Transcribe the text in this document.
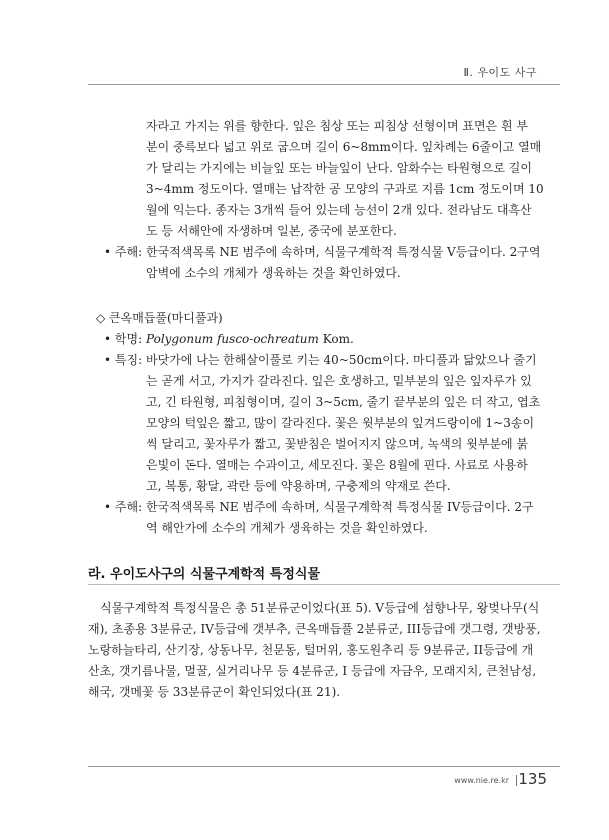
Ⅱ. 우이도 사구
자라고 가지는 위를 향한다. 잎은 침상 또는 피침상 선형이며 표면은 흰 부
분이 중륵보다 넓고 위로 굽으며 길이 6~8mm이다. 잎차례는 6줄이고 열매
가 달리는 가지에는 비늘잎 또는 바늘잎이 난다. 암화수는 타원형으로 길이
3~4mm 정도이다. 열매는 납작한 공 모양의 구과로 지름 1cm 정도이며 10
월에 익는다. 종자는 3개씩 들어 있는데 능선이 2개 있다. 전라남도 대흑산
도 등 서해안에 자생하며 일본, 중국에 분포한다.
• 주해: 한국적색목록 NE 범주에 속하며, 식물구계학적 특정식물 V등급이다. 2구역
암벽에 소수의 개체가 생육하는 것을 확인하였다.
◇ 큰옥매듭풀(마디풀과)
• 학명: Polygonum fusco-ochreatum Kom.
• 특징: 바닷가에 나는 한해살이풀로 키는 40~50cm이다. 마디풀과 닮았으나 줄기
는 곧게 서고, 가지가 갈라진다. 잎은 호생하고, 밑부분의 잎은 잎자루가 있
고, 긴 타원형, 피침형이며, 길이 3~5cm, 줄기 끝부분의 잎은 더 작고, 엽초
모양의 턱잎은 짧고, 많이 갈라진다. 꽃은 윗부분의 잎겨드랑이에 1~3송이
씩 달리고, 꽃자루가 짧고, 꽃받침은 벌어지지 않으며, 녹색의 윗부분에 붉
은빛이 돈다. 열매는 수과이고, 세모진다. 꽃은 8월에 핀다. 사료로 사용하
고, 복통, 황달, 곽란 등에 약용하며, 구충제의 약재로 쓴다.
• 주해: 한국적색목록 NE 범주에 속하며, 식물구계학적 특정식물 IV등급이다. 2구
역 해안가에 소수의 개체가 생육하는 것을 확인하였다.
라. 우이도사구의 식물구계학적 특정식물
식물구계학적 특정식물은 총 51분류군이었다(표 5). V등급에 섬향나무, 왕벚나무(식
재), 초종용 3분류군, IV등급에 갯부추, 큰옥매듭풀 2분류군, III등급에 갯그령, 갯방풍,
노랑하늘타리, 산기장, 상동나무, 천문동, 털머위, 홍도원추리 등 9분류군, II등급에 개
산초, 갯기름나물, 멀꿀, 실거리나무 등 4분류군, I 등급에 자금우, 모래지치, 큰천남성,
해국, 갯메꽃 등 33분류군이 확인되었다(표 21).
www.nie.re.kr 135
